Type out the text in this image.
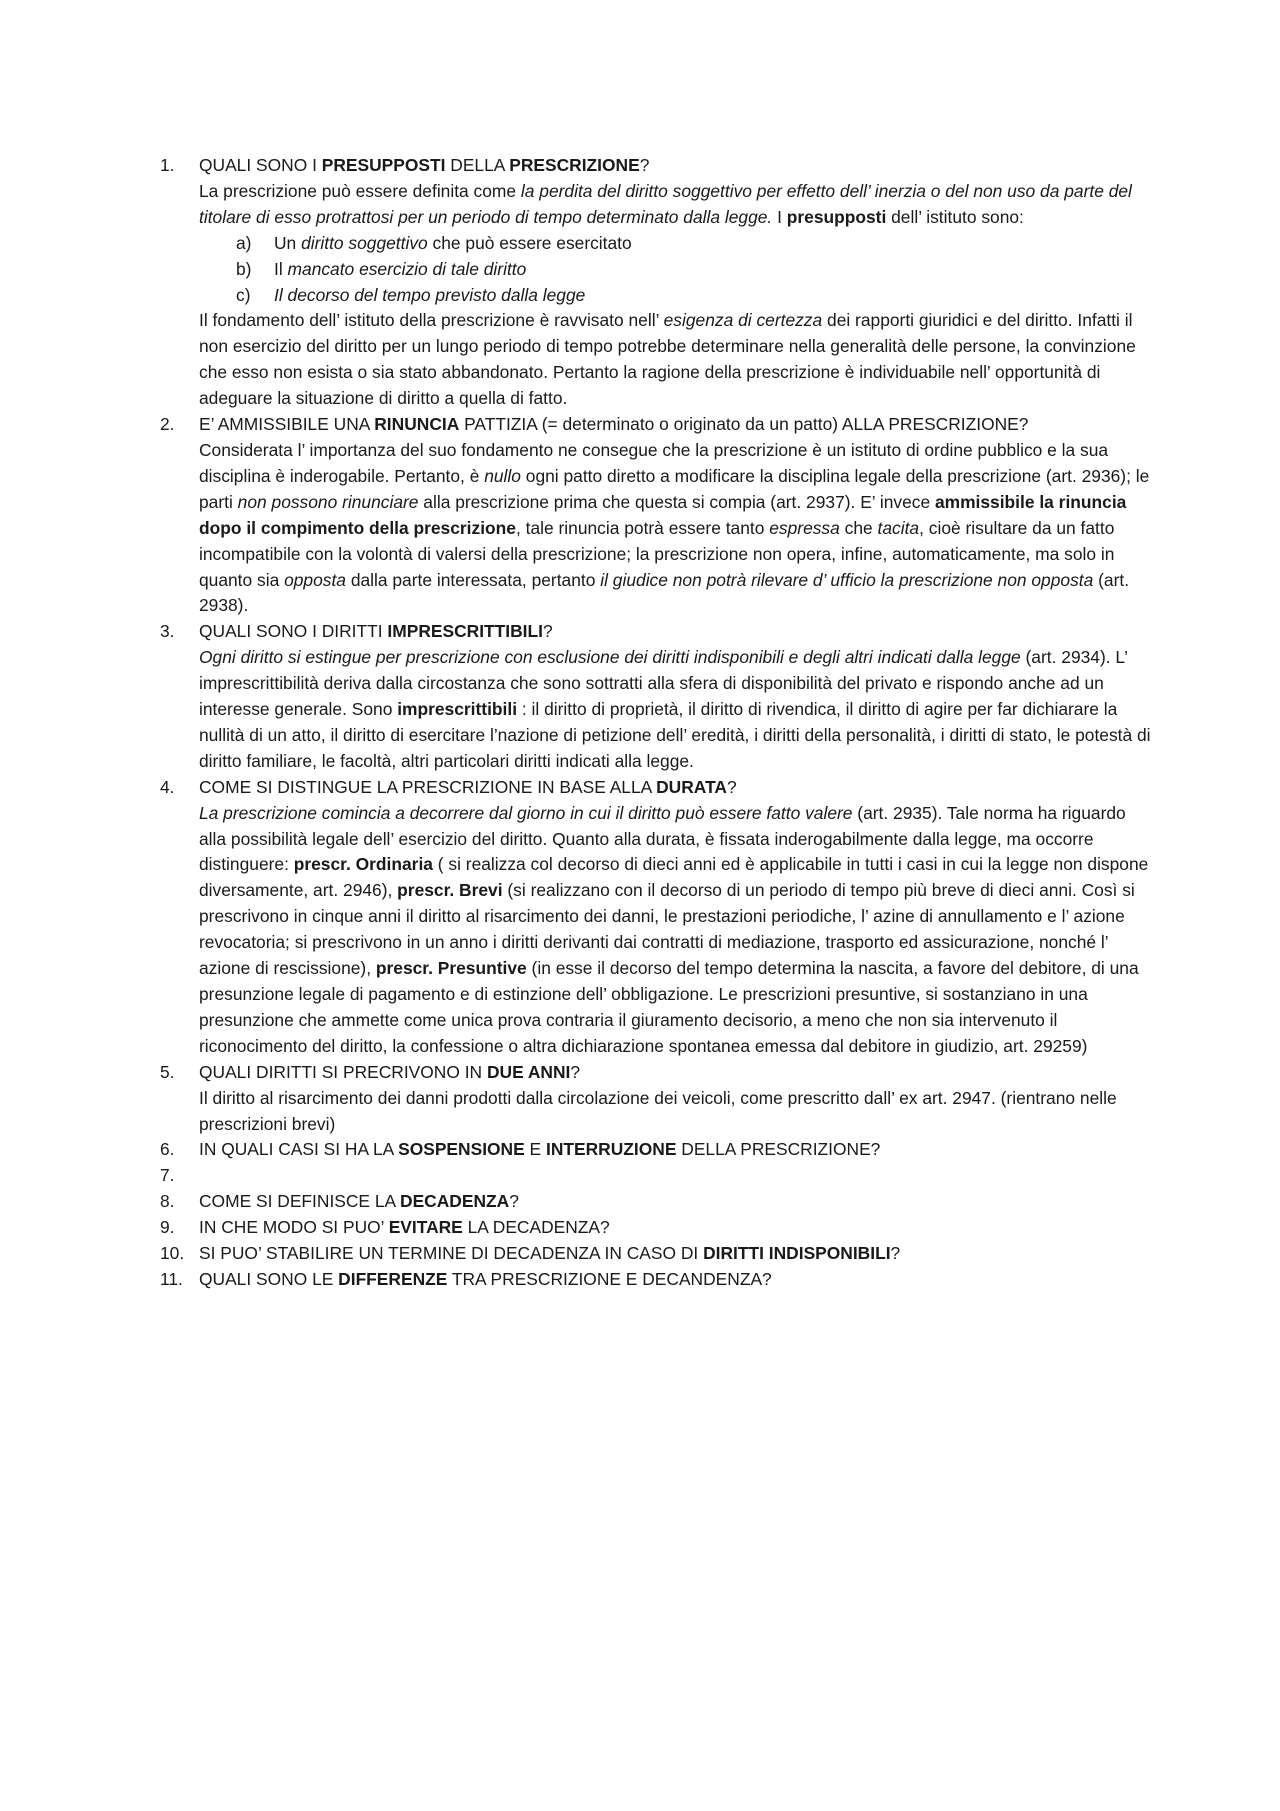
1.	QUALI SONO I PRESUPPOSTI DELLA PRESCRIZIONE?
La prescrizione può essere definita come la perdita del diritto soggettivo per effetto dell’ inerzia o del non uso da parte del titolare di esso protrattosi per un periodo di tempo determinato dalla legge. I presupposti dell’ istituto sono:
a)	Un diritto soggettivo che può essere esercitato
b)	Il mancato esercizio di tale diritto
c)	Il decorso del tempo previsto dalla legge
Il fondamento dell’ istituto della prescrizione è ravvisato nell’ esigenza di certezza dei rapporti giuridici e del diritto. Infatti il non esercizio del diritto per un lungo periodo di tempo potrebbe determinare nella generalità delle persone, la convinzione che esso non esista o sia stato abbandonato. Pertanto la ragione della prescrizione è individuabile nell’ opportunità di adeguare la situazione di diritto a quella di fatto.
2.	E’ AMMISSIBILE UNA RINUNCIA PATTIZIA (= determinato o originato da un patto) ALLA PRESCRIZIONE?
Considerata l’ importanza del suo fondamento ne consegue che la prescrizione è un istituto di ordine pubblico e la sua disciplina è inderogabile. Pertanto, è nullo ogni patto diretto a modificare la disciplina legale della prescrizione (art. 2936); le parti non possono rinunciare alla prescrizione prima che questa si compia (art. 2937). E’ invece ammissibile la rinuncia dopo il compimento della prescrizione, tale rinuncia potrà essere tanto espressa che tacita, cioè risultare da un fatto incompatibile con la volontà di valersi della prescrizione; la prescrizione non opera, infine, automaticamente, ma solo in quanto sia opposta dalla parte interessata, pertanto il giudice non potrà rilevare d’ ufficio la prescrizione non opposta (art. 2938).
3.	QUALI SONO I DIRITTI IMPRESCRITTIBILI?
Ogni diritto si estingue per prescrizione con esclusione dei diritti indisponibili e degli altri indicati dalla legge (art. 2934). L’ imprescrittibilità deriva dalla circostanza che sono sottratti alla sfera di disponibilità del privato e rispondo anche ad un interesse generale. Sono imprescrittibili : il diritto di proprietà, il diritto di rivendica, il diritto di agire per far dichiarare la nullità di un atto, il diritto di esercitare l’nazione di petizione dell’ eredità, i diritti della personalità, i diritti di stato, le potestà di diritto familiare, le facoltà, altri particolari diritti indicati alla legge.
4.	COME SI DISTINGUE LA PRESCRIZIONE IN BASE ALLA DURATA?
La prescrizione comincia a decorrere dal giorno in cui il diritto può essere fatto valere (art. 2935). Tale norma ha riguardo alla possibilità legale dell’ esercizio del diritto. Quanto alla durata, è fissata inderogabilmente dalla legge, ma occorre distinguere: prescr. Ordinaria ( si realizza col decorso di dieci anni ed è applicabile in tutti i casi in cui la legge non dispone diversamente, art. 2946), prescr. Brevi (si realizzano con il decorso di un periodo di tempo più breve di dieci anni. Così si prescrivono in cinque anni il diritto al risarcimento dei danni, le prestazioni periodiche, l’ azine di annullamento e l’ azione revocatoria; si prescrivono in un anno i diritti derivanti dai contratti di mediazione, trasporto ed assicurazione, nonché l’ azione di rescissione), prescr. Presuntive (in esse il decorso del tempo determina la nascita, a favore del debitore, di una presunzione legale di pagamento e di estinzione dell’ obbligazione. Le prescrizioni presuntive, si sostanziano in una presunzione che ammette come unica prova contraria il giuramento decisorio, a meno che non sia intervenuto il riconocimento del diritto, la confessione o altra dichiarazione spontanea emessa dal debitore in giudizio, art. 29259)
5.	QUALI DIRITTI SI PRECRIVONO IN DUE ANNI?
Il diritto al risarcimento dei danni prodotti dalla circolazione dei veicoli, come prescritto dall’ ex art. 2947. (rientrano nelle prescrizioni brevi)
6.	IN QUALI CASI SI HA LA SOSPENSIONE E INTERRUZIONE DELLA PRESCRIZIONE?
7.

8.	COME SI DEFINISCE LA DECADENZA?
9.	IN CHE MODO SI PUO’ EVITARE LA DECADENZA?
10. SI PUO’ STABILIRE UN TERMINE DI DECADENZA IN CASO DI DIRITTI INDISPONIBILI?
11. QUALI SONO LE DIFFERENZE TRA PRESCRIZIONE E DECANDENZA?
